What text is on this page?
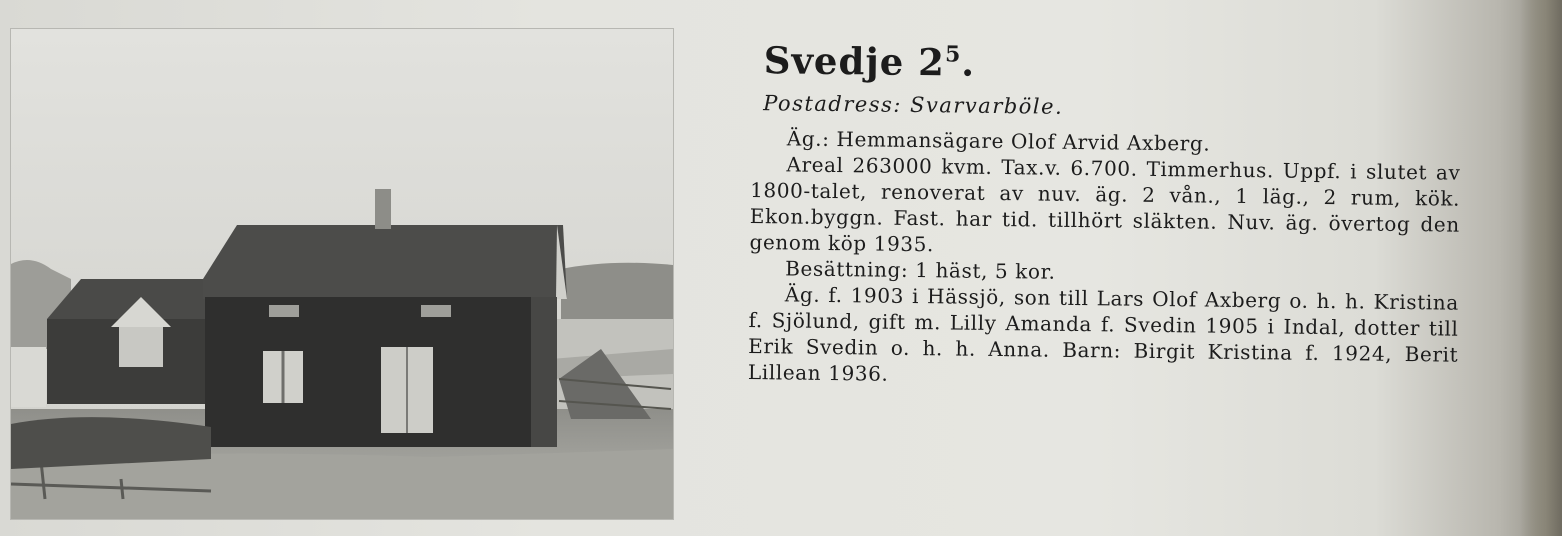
Svedje $2^5$.
Postadress: Svarvarböle.

Äg.: Hemmansägare Olof Arvid Axberg.

Areal 263000 kvm. Tax.v. 6.700. Timmerhus. Uppf. i slutet av 1800-talet, renoverat av nuv. äg. 2 vån., 1 läg., 2 rum, kök. Ekon.byggn. Fast. har tid. tillhört släkten. Nuv. äg. övertog den genom köp 1935.

Besättning: 1 häst, 5 kor.

Äg. f. 1903 i Hässjö, son till Lars Olof Axberg o. h. h. Kristina f. Sjölund, gift m. Lilly Amanda f. Svedin 1905 i Indal, dotter till Erik Svedin o. h. h. Anna. Barn: Birgit Kristina f. 1924, Berit Lillean 1936.
